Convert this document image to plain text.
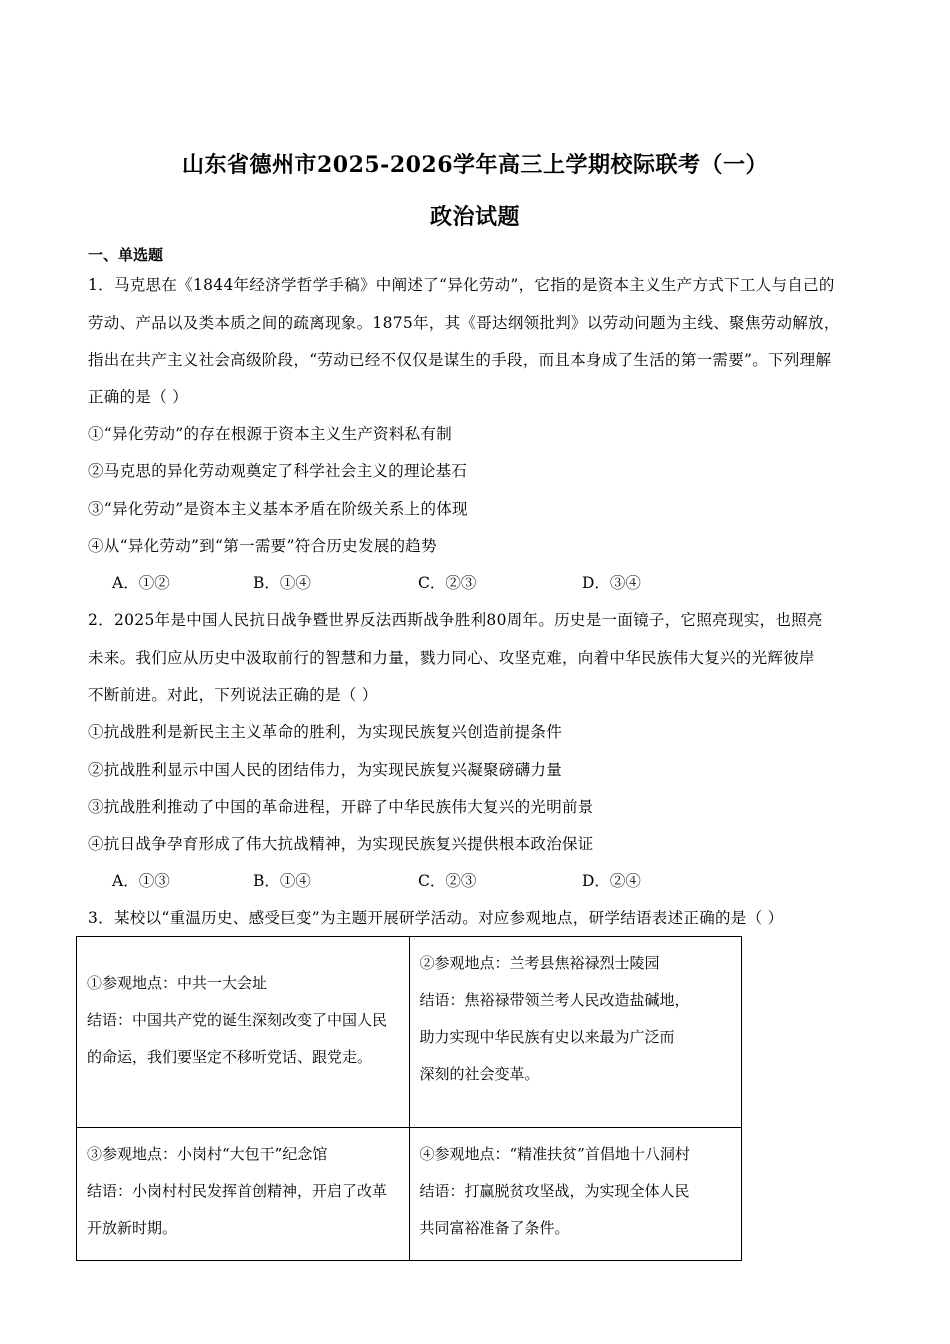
山东省德州市2025-2026学年高三上学期校际联考（一）
政治试题
一、单选题
1．马克思在《1844年经济学哲学手稿》中阐述了“异化劳动”，它指的是资本主义生产方式下工人与自己的
劳动、产品以及类本质之间的疏离现象。1875年，其《哥达纲领批判》以劳动问题为主线、聚焦劳动解放，
指出在共产主义社会高级阶段，“劳动已经不仅仅是谋生的手段，而且本身成了生活的第一需要”。下列理解
正确的是（ ）
①“异化劳动”的存在根源于资本主义生产资料私有制
②马克思的异化劳动观奠定了科学社会主义的理论基石
③“异化劳动”是资本主义基本矛盾在阶级关系上的体现
④从“异化劳动”到“第一需要”符合历史发展的趋势
A．①②	B．①④	C．②③	D．③④
2．2025年是中国人民抗日战争暨世界反法西斯战争胜利80周年。历史是一面镜子，它照亮现实，也照亮
未来。我们应从历史中汲取前行的智慧和力量，戮力同心、攻坚克难，向着中华民族伟大复兴的光辉彼岸
不断前进。对此，下列说法正确的是（ ）
①抗战胜利是新民主主义革命的胜利，为实现民族复兴创造前提条件
②抗战胜利显示中国人民的团结伟力，为实现民族复兴凝聚磅礴力量
③抗战胜利推动了中国的革命进程，开辟了中华民族伟大复兴的光明前景
④抗日战争孕育形成了伟大抗战精神，为实现民族复兴提供根本政治保证
A．①③	B．①④	C．②③	D．②④
3．某校以“重温历史、感受巨变”为主题开展研学活动。对应参观地点，研学结语表述正确的是（ ）
①参观地点：中共一大会址
结语：中国共产党的诞生深刻改变了中国人民
的命运，我们要坚定不移听党话、跟党走。	②参观地点：兰考县焦裕禄烈士陵园
结语：焦裕禄带领兰考人民改造盐碱地，
助力实现中华民族有史以来最为广泛而
深刻的社会变革。

③参观地点：小岗村“大包干”纪念馆
结语：小岗村村民发挥首创精神，开启了改革
开放新时期。	④参观地点：“精准扶贫”首倡地十八洞村
结语：打赢脱贫攻坚战，为实现全体人民
共同富裕准备了条件。
